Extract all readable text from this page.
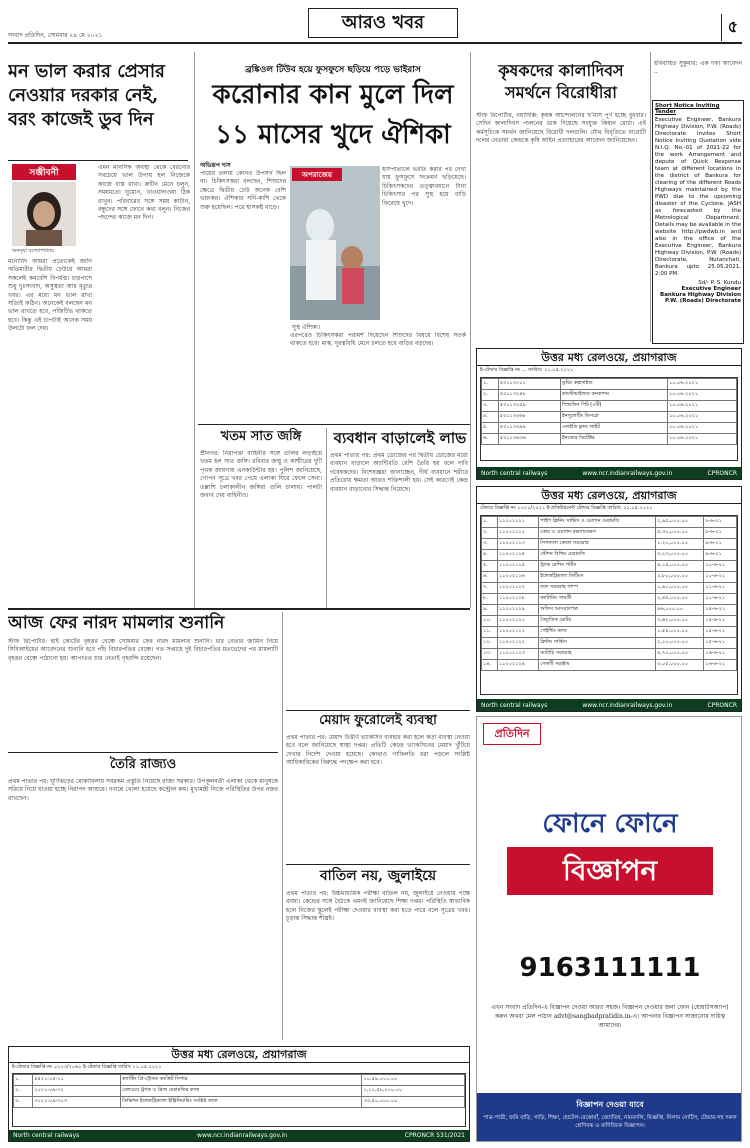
সংবাদ প্রতিদিন, সোমবার ২৪ মে ২০২১
আরও খবর	৫
মন ভাল করার প্রেসার নেওয়ার দরকার নেই, বরং কাজেই ডুব দিন
সঞ্জীবনী
অনসূয়া বন্দ্যোপাধ্যায়
মনোবিদ আমরা প্রত্যেকেই জানি অতিমারীর দ্বিতীয় ঢেউয়ে আমরা সকলেই কমবেশি বিপর্যস্ত। চারপাশে শুধু দুঃসংবাদ, অসুস্থতা আর মৃত্যুর খবর। এর মধ্যে মন ভাল রাখা সত্যিই কঠিন। অনেকেই বলছেন মন ভাল রাখতে হবে, পজিটিভ থাকতে হবে। কিন্তু এই চাপটাই অনেক সময় উলটো ফল দেয়।
এমন মানসিক অবস্থা থেকে বেরনোর সবচেয়ে ভাল উপায় হল নিজেকে কাজে ব্যস্ত রাখা। রুটিন মেনে চলুন, সময়মতো ঘুমোন, খাওয়াদাওয়া ঠিক রাখুন। পরিবারের সঙ্গে সময় কাটান, বন্ধুদের সঙ্গে ফোনে কথা বলুন। নিজের পছন্দের কাজে মন দিন।
ব্রঙ্কিওল টিউব হয়ে ফুসফুসে ছড়িয়ে পড়ে ভাইরাস
করোনার কান মুলে দিল
১১ মাসের খুদে ঐশিকা
অভিরূপ দাস
পায়ের তলায় কোনও উপসর্গ ছিল না। চিকিৎসকরা বলছেন, শিশুদের ক্ষেত্রে দ্বিতীয় ঢেউ অনেক বেশি ভয়ংকর। ঐশিকার সর্দি-কাশি থেকে শুরু হয়েছিল। পরে শ্বাসকষ্ট বাড়ে।
অপরাজেয়
সুস্থ ঐশিকা।
হাসপাতালে ভরতি করার পর দেখা যায় ফুসফুসে সংক্রমণ ছড়িয়েছে। চিকিৎসকদের তত্ত্বাবধানে টানা চিকিৎসার পর সুস্থ হয়ে বাড়ি ফিরেছে খুদে।
এরপরেও চিকিৎসকরা পরামর্শ দিয়েছেন শিশুদের বিষয়ে বিশেষ সতর্ক থাকতে হবে। মাস্ক, দূরত্ববিধি মেনে চলতে হবে বাড়ির বড়দের।
কৃষকদের কালাদিবস সমর্থনে বিরোধীরা
স্টাফ রিপোর্টার, নয়াদিল্লি: কৃষক আন্দোলনের ছ’মাস পূর্ণ হচ্ছে বুধবার। সেদিন কালাদিবস পালনের ডাক দিয়েছে সংযুক্ত কিষান মোর্চা। এই কর্মসূচিকে সমর্থন জানিয়েছে বিরোধী দলগুলি। যৌথ বিবৃতিতে বারোটি দলের নেতারা কেন্দ্রকে কৃষি আইন প্রত্যাহারের আবেদন জানিয়েছেন।
হবিবাহিত সুকুমার: এক দফা আবেদন ..
Short Notice Inviting Tender
Executive Engineer, Bankura Highway Division, P.W. (Roads) Directorate invites Short Notice Inviting Quotation vide N.I.Q. No.-01 of 2021-22 for the work Arrangement and depute of Quick Response team at different locations in the district of Bankura for clearing of the different Roads Highways maintained by the PWD due to the upcoming disaster of the Cyclone, JASH as forecasted by the Metrological Department. Details may be available in the website http://pwdwb.in and also in the office of the Executive Engineer, Bankura Highway Division, P.W. (Roads) Directorate, Nutanchati, Bankura upto 25.05.2021, 2:00 PM.
Sd/- P. S. Kundu
Executive Engineer
Bankura Highway Division
P.W. (Roads) Directorate
উত্তর মধ্য রেলওয়ে, প্রয়াগরাজ
ই-টেন্ডার বিজ্ঞপ্তি নং ... তারিখ: ২১.০৫.২০২১
১.	৫৩১১৩২০১	ড্রয়িং কল্পসাইজ	১০.০৬.২০২১
২.	৫৩১১৩২৪৮	কাস্টোমাইজড কনকাশন	১০.০৬.২০২১
৩.	৫৩১১৩২৫৯	স্প্রিংলিন পিট (৩টি)	১০.০৬.২০২১
৪.	৫৩১১৩৩৬৮	ইনসুলেটিং ডিসপ্লে	১০.০৬.২০২১
৫.	৫৩১১৩৩৯৯	এলইডি ফ্লাড লাইট	১০.০৬.২০২১
৬.	৫৩১১৩৪৩৬	ইনডোর ডিটেক্টর	১০.০৬.২০২১
North central railways	www.ncr.indianrailways.gov.in	CPRONCR
উত্তর মধ্য রেলওয়ে, প্রয়াগরাজ
টেন্ডার বিজ্ঞপ্তি নং ১০২১/২০২১ ই-প্রকিউরমেন্ট টেন্ডার বিজ্ঞপ্তি তারিখ: ২১.০৫.২০২১
১.	১১২০২১১১	পাইপ ক্লিনিং সার্ভিস ও ওয়াগন মেরামতি	২,৯৫,০০০.০০	৮-৬-২১
২.	১১২০২১১২	কোচ ও ওয়াগন রক্ষণাবেক্ষণ	৫,৩০,০০০.০০	৮-৬-২১
৩.	১১২০২১১৩	সিগন্যাল কেবল সরবরাহ	১,২০,০০০.০০	৯-৬-২১
৪.	১১২০২১১৪	স্টেশন বিল্ডিং মেরামতি	৩,২৩,০০০.০০	৯-৬-২১
৫.	১১২০২১১৫	ট্র্যাক মেশিন পার্টস	৪,১৫,০০০.০০	১০-৬-২১
৬.	১১২০২১১৬	ইলেকট্রিক্যাল ফিটিংস	২,৮০,০০০.০০	১০-৬-২১
৭.	১১২০২১১৭	জল সরবরাহ পাম্প	১,৯০,০০০.০০	১১-৬-২১
৮.	১১২০২১১৮	ক্যাটারিং সামগ্রী	২,৪৫,০০০.০০	১১-৬-২১
৯.	১১২০২১১৯	অফিস আসবাবপত্র	৯৬,০০০.০০	১৪-৬-২১
১০.	১১২০২১২০	বৈদ্যুতিক মোটর	৩,৬২,০০০.০০	১৪-৬-২১
১১.	১১২০২১২১	পেইন্টিং কাজ	১,৫৪,০০০.০০	১৫-৬-২১
১২.	১১২০২১২২	ক্লিনিং সার্ভিস	২,১০,০০০.০০	১৫-৬-২১
১৩.	১১২০২১২৩	ব্যাটারি সরবরাহ	৪,৭০,০০০.০০	১৬-৬-২১
১৪.	১১২০২১২৪	সেফটি সরঞ্জাম	৩,০৫,০০০.০০	১৬-৬-২১
North central railways	www.ncr.indianrailways.gov.in	CPRONCR
খতম সাত জঙ্গি
শ্রীনগর: নিরাপত্তা বাহিনীর সঙ্গে গুলির লড়াইয়ে খতম হল সাত জঙ্গি। রবিবার জম্মু ও কাশ্মীরের দুটি পৃথক জায়গায় এনকাউন্টার হয়। পুলিশ জানিয়েছে, গোপন সূত্রে খবর পেয়ে এলাকা ঘিরে ফেলে সেনা। তল্লাশি চলাকালীন জঙ্গিরা গুলি চালায়। পালটা জবাব দেয় বাহিনীও।
ব্যবধান বাড়ালেই লাভ
প্রথম পাতার পর: প্রথম ডোজের পর দ্বিতীয় ডোজের মধ্যে ব্যবধান বাড়ালে অ্যান্টিবডি বেশি তৈরি হয় বলে দাবি গবেষকদের। বিশেষজ্ঞরা জানাচ্ছেন, দীর্ঘ ব্যবধানে শরীরে প্রতিরোধ ক্ষমতা আরও শক্তিশালী হয়। সেই কারণেই কেন্দ্র ব্যবধান বাড়ানোর সিদ্ধান্ত নিয়েছে।
আজ ফের নারদ মামলার শুনানি
স্টাফ রিপোর্টার: হাই কোর্টের বৃহত্তর বেঞ্চে সোমবার ফের নারদ মামলার শুনানি। চার নেতার জামিন নিয়ে সিবিআইয়ের আবেদনের শুনানি হবে পাঁচ বিচারপতির বেঞ্চে। গত সপ্তাহে দুই বিচারপতির মতভেদের পর মামলাটি বৃহত্তর বেঞ্চে পাঠানো হয়। আপাতত চার নেতাই গৃহবন্দি রয়েছেন।
তৈরি রাজ্যও
প্রথম পাতার পর: ঘূর্ণিঝড়ের মোকাবিলায় সবরকম প্রস্তুতি নিয়েছে রাজ্য সরকার। উপকূলবর্তী এলাকা থেকে মানুষকে সরিয়ে নিয়ে যাওয়া হচ্ছে নিরাপদ আশ্রয়ে। নবান্নে খোলা হয়েছে কন্ট্রোল রুম। মুখ্যমন্ত্রী নিজে পরিস্থিতির উপর নজর রাখছেন।
মেয়াদ ফুরোলেই ব্যবস্থা
প্রথম পাতার পর: মেয়াদ উত্তীর্ণ ভ্যাকসিন ব্যবহার করা হলে কড়া ব্যবস্থা নেওয়া হবে বলে জানিয়েছে স্বাস্থ্য দপ্তর। প্রতিটি কেন্দ্রে ভ্যাকসিনের মেয়াদ খুঁটিয়ে দেখার নির্দেশ দেওয়া হয়েছে। কোথাও গাফিলতি ধরা পড়লে সংশ্লিষ্ট আধিকারিকের বিরুদ্ধে পদক্ষেপ করা হবে।
বাতিল নয়, জুলাইয়ে
প্রথম পাতার পর: উচ্চমাধ্যমিক পরীক্ষা বাতিল নয়, জুলাইয়ে নেওয়ার পক্ষে রাজ্য। কেন্দ্রের সঙ্গে বৈঠকে এমনই জানিয়েছে শিক্ষা দপ্তর। পরিস্থিতি স্বাভাবিক হলে নিজের স্কুলেই পরীক্ষা দেওয়ার ব্যবস্থা করা হতে পারে বলে সূত্রের খবর। চূড়ান্ত সিদ্ধান্ত শীঘ্রই।
উত্তর মধ্য রেলওয়ে, প্রয়াগরাজ
ই-টেন্ডার বিজ্ঞপ্তি নং ০১২৩/৭০৬১ ই-টেন্ডার বিজ্ঞপ্তি তারিখ ২১.০৫.২০২১
১.	৪৫২১-০৫-১১	ক্যাস্টিং প্রি-স্ট্রেসড কংক্রিট সিপার	১০,৫৯,০০০.০০
২.	২০২১-০৯-৩১	রেলওয়ে ট্র্যাক ও ব্রিজ মেরামতির কাজ	১,১১,৫৮,০০০.০০
৩.	৩০২১-০৯-৩০৩	ডিভিশন ইলেকট্রিক্যাল ইঞ্জিনিয়ারিং সংশ্লিষ্ট কাজ	৩৩,৫০,০০০.০০
North central railways	www.ncr.indianrailways.gov.in	CPRONCR 531/2021
প্রতিদিন
ফোনে ফোনে
বিজ্ঞাপন
9163111111
এখন সংবাদ প্রতিদিন-এ বিজ্ঞাপন দেওয়া আরও সহজ। বিজ্ঞাপন দেওয়ার জন্য ফোন (হোয়াটসঅ্যাপ) করুন অথবা মেল পাঠান advt@sangbadpratidin.in-এ। আপনার বিজ্ঞাপন সাজানোর দায়িত্ব আমাদের।
বিজ্ঞাপন দেওয়া যাবে
পাত্র-পাত্রী, জমি বাড়ি, গাড়ি, শিক্ষা, হোটেল-রেস্তোরাঁ, জ্যোতিষ, নামবদলি, বিজ্ঞপ্তি, নিলাম নোটিস, টেন্ডার-সহ সকল শ্রেণিবদ্ধ ও বাণিজ্যিক বিজ্ঞাপন।
